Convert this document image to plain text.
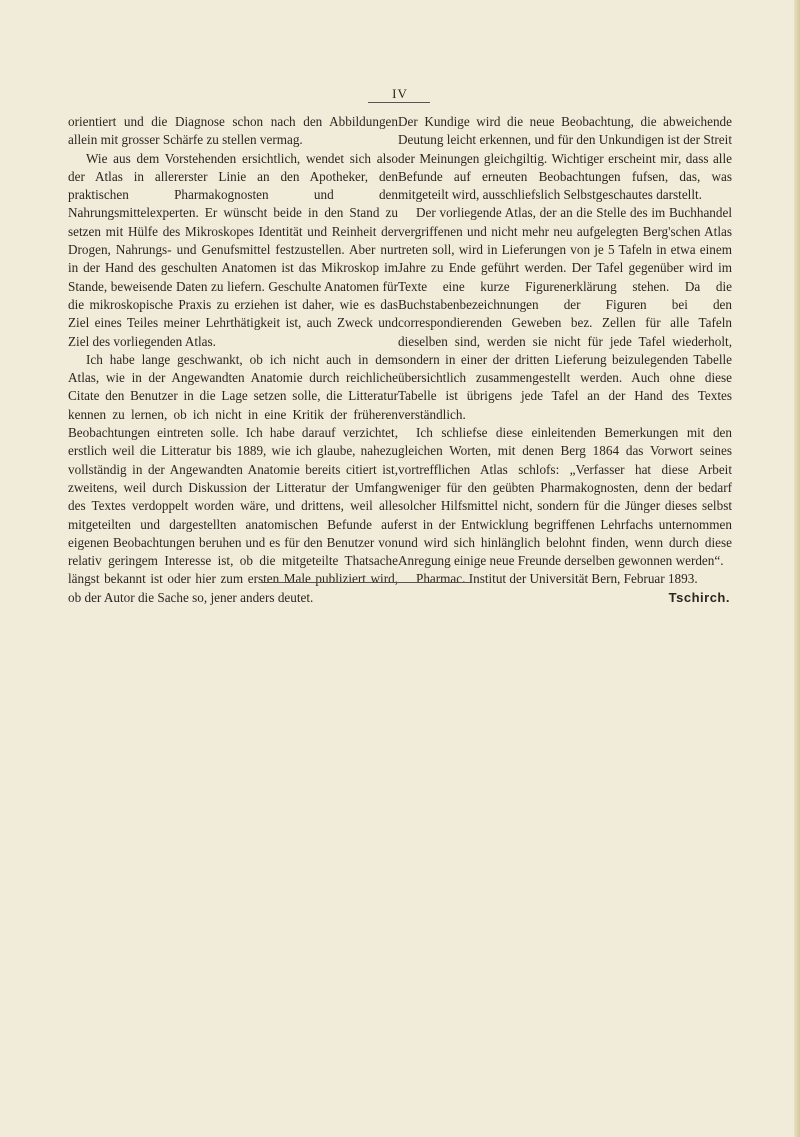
IV

orientiert und die Diagnose schon nach den Abbildungen allein mit grosser Schärfe zu stellen vermag.

Wie aus dem Vorstehenden ersichtlich, wendet sich also der Atlas in allererster Linie an den Apotheker, den praktischen Pharmakognosten und den Nahrungsmittelexperten. Er wünscht beide in den Stand zu setzen mit Hülfe des Mikroskopes Identität und Reinheit der Drogen, Nahrungs- und Genufsmittel festzustellen. Aber nur in der Hand des geschulten Anatomen ist das Mikroskop im Stande, beweisende Daten zu liefern. Geschulte Anatomen für die mikroskopische Praxis zu erziehen ist daher, wie es das Ziel eines Teiles meiner Lehrthätigkeit ist, auch Zweck und Ziel des vorliegenden Atlas.

Ich habe lange geschwankt, ob ich nicht auch in dem Atlas, wie in der Angewandten Anatomie durch reichliche Citate den Benutzer in die Lage setzen solle, die Litteratur kennen zu lernen, ob ich nicht in eine Kritik der früheren Beobachtungen eintreten solle. Ich habe darauf verzichtet, erstlich weil die Litteratur bis 1889, wie ich glaube, nahezu vollständig in der Angewandten Anatomie bereits citiert ist, zweitens, weil durch Diskussion der Litteratur der Umfang des Textes verdoppelt worden wäre, und drittens, weil alle mitgeteilten und dargestellten anatomischen Befunde auf eigenen Beobachtungen beruhen und es für den Benutzer von relativ geringem Interesse ist, ob die mitgeteilte Thatsache längst bekannt ist oder hier zum ersten Male publiziert wird, ob der Autor die Sache so, jener anders deutet.

Der Kundige wird die neue Beobachtung, die abweichende Deutung leicht erkennen, und für den Unkundigen ist der Streit der Meinungen gleichgiltig. Wichtiger erscheint mir, dass alle Befunde auf erneuten Beobachtungen fufsen, das, was mitgeteilt wird, ausschliefslich Selbstgeschautes darstellt.

Der vorliegende Atlas, der an die Stelle des im Buchhandel vergriffenen und nicht mehr neu aufgelegten Berg'schen Atlas treten soll, wird in Lieferungen von je 5 Tafeln in etwa einem Jahre zu Ende geführt werden. Der Tafel gegenüber wird im Texte eine kurze Figurenerklärung stehen. Da die Buchstabenbezeichnungen der Figuren bei den correspondierenden Geweben bez. Zellen für alle Tafeln dieselben sind, werden sie nicht für jede Tafel wiederholt, sondern in einer der dritten Lieferung beizulegenden Tabelle übersichtlich zusammengestellt werden. Auch ohne diese Tabelle ist übrigens jede Tafel an der Hand des Textes verständlich.

Ich schliefse diese einleitenden Bemerkungen mit den gleichen Worten, mit denen Berg 1864 das Vorwort seines vortrefflichen Atlas schlofs: „Verfasser hat diese Arbeit weniger für den geübten Pharmakognosten, denn der bedarf solcher Hilfsmittel nicht, sondern für die Jünger dieses selbst erst in der Entwicklung begriffenen Lehrfachs unternommen und wird sich hinlänglich belohnt finden, wenn durch diese Anregung einige neue Freunde derselben gewonnen werden“.

Pharmac. Institut der Universität Bern, Februar 1893.

Tschirch.
